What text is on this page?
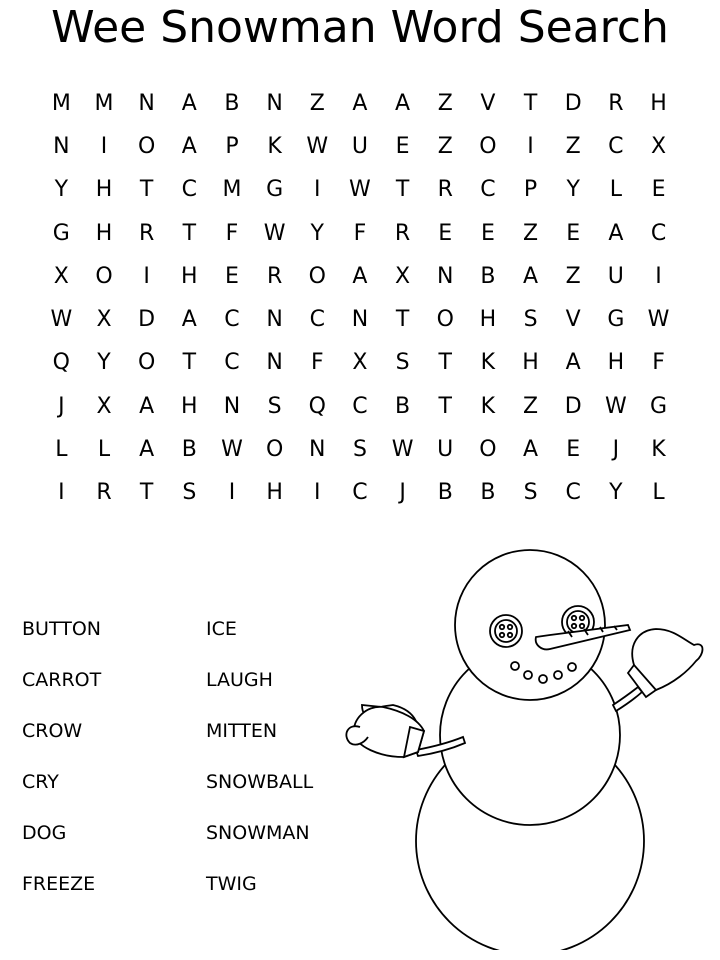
Wee Snowman Word Search
M	M	N	A	B	N	Z	A	A	Z	V	T	D	R	H
N	I	O	A	P	K	W	U	E	Z	O	I	Z	C	X
Y	H	T	C	M	G	I	W	T	R	C	P	Y	L	E
G	H	R	T	F	W	Y	F	R	E	E	Z	E	A	C
X	O	I	H	E	R	O	A	X	N	B	A	Z	U	I
W	X	D	A	C	N	C	N	T	O	H	S	V	G	W
Q	Y	O	T	C	N	F	X	S	T	K	H	A	H	F
J	X	A	H	N	S	Q	C	B	T	K	Z	D	W	G
L	L	A	B	W	O	N	S	W	U	O	A	E	J	K
I	R	T	S	I	H	I	C	J	B	B	S	C	Y	L
BUTTON	ICE
CARROT	LAUGH
CROW	MITTEN
CRY	SNOWBALL
DOG	SNOWMAN
FREEZE	TWIG
